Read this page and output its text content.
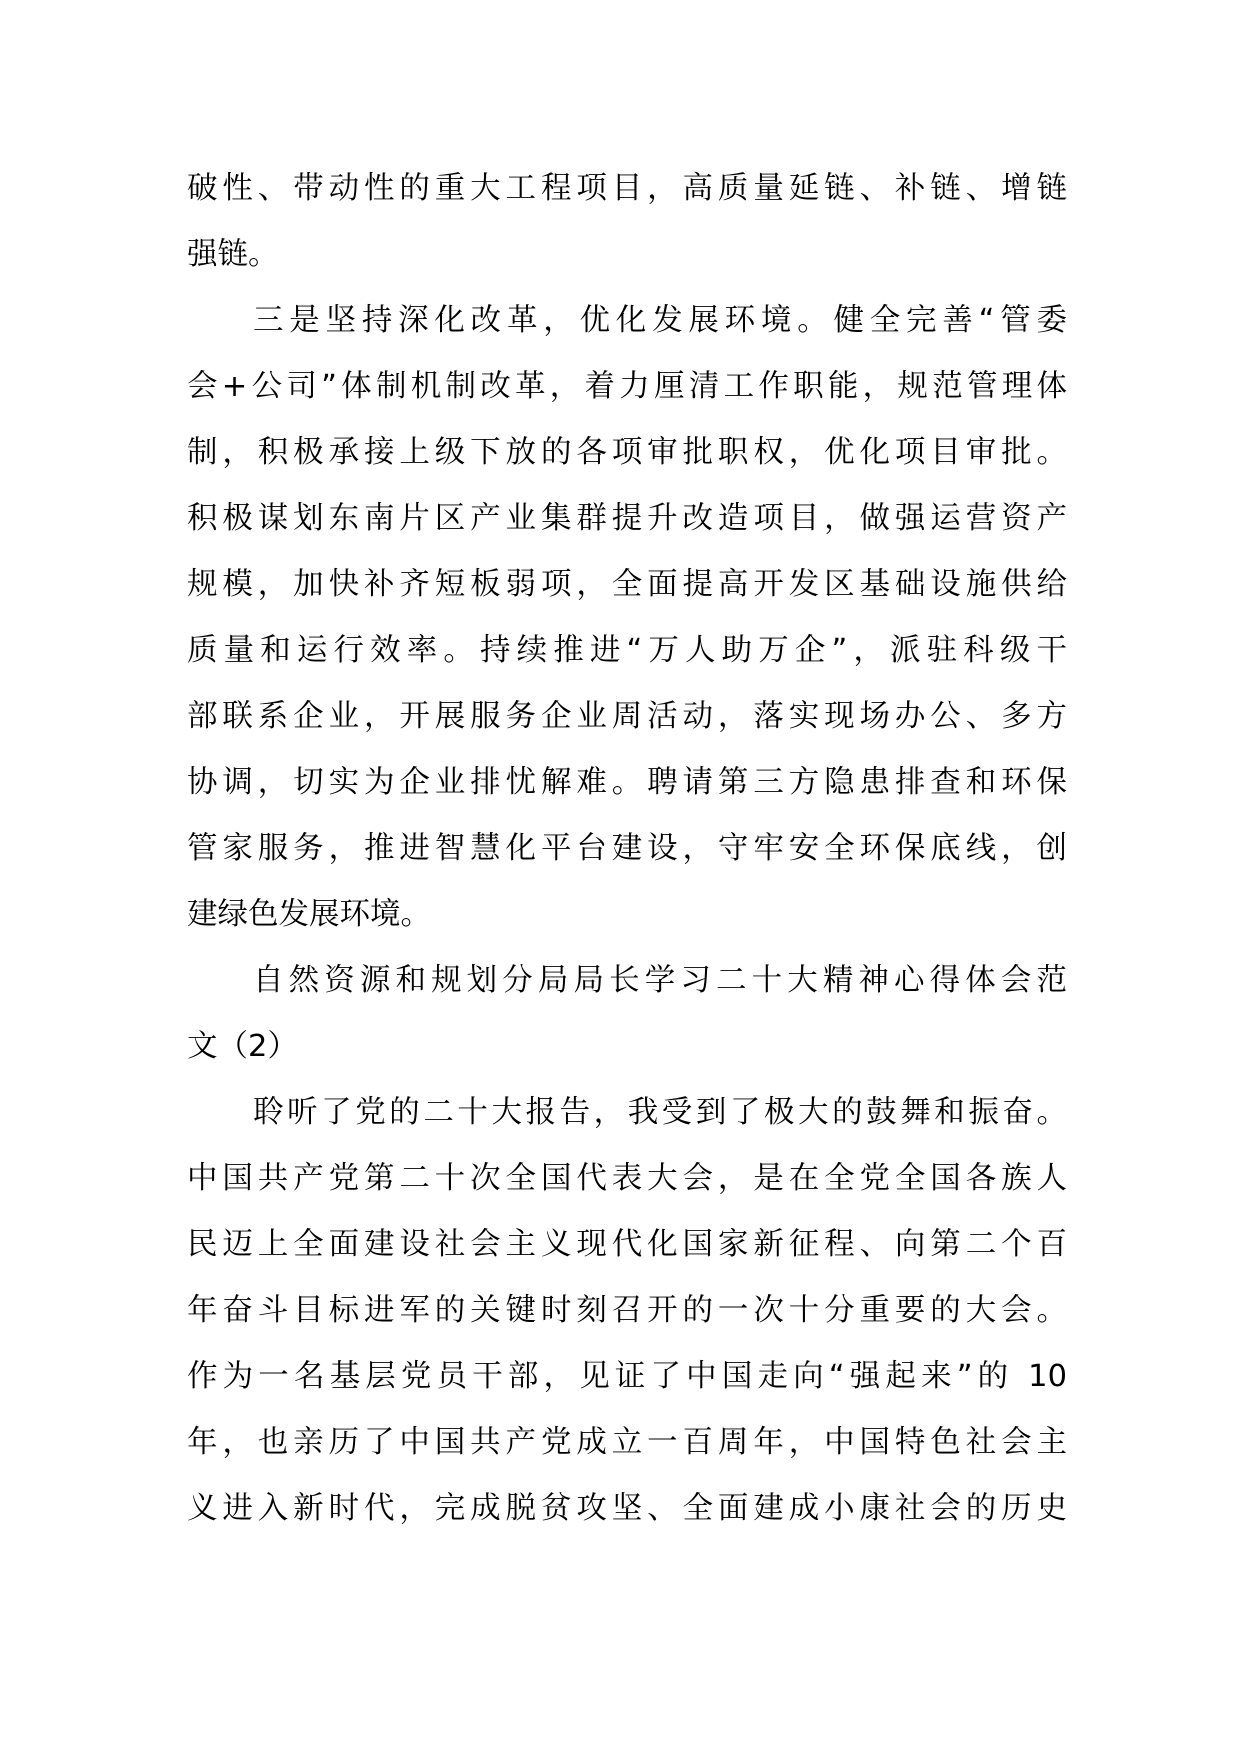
破性、带动性的重大工程项目，高质量延链、补链、增链
强链。
三是坚持深化改革，优化发展环境。健全完善“管委
会+公司”体制机制改革，着力厘清工作职能，规范管理体
制，积极承接上级下放的各项审批职权，优化项目审批。
积极谋划东南片区产业集群提升改造项目，做强运营资产
规模，加快补齐短板弱项，全面提高开发区基础设施供给
质量和运行效率。持续推进“万人助万企”，派驻科级干
部联系企业，开展服务企业周活动，落实现场办公、多方
协调，切实为企业排忧解难。聘请第三方隐患排查和环保
管家服务，推进智慧化平台建设，守牢安全环保底线，创
建绿色发展环境。
自然资源和规划分局局长学习二十大精神心得体会范
文（2）
聆听了党的二十大报告，我受到了极大的鼓舞和振奋。
中国共产党第二十次全国代表大会，是在全党全国各族人
民迈上全面建设社会主义现代化国家新征程、向第二个百
年奋斗目标进军的关键时刻召开的一次十分重要的大会。
作为一名基层党员干部，见证了中国走向“强起来”的 10
年，也亲历了中国共产党成立一百周年，中国特色社会主
义进入新时代，完成脱贫攻坚、全面建成小康社会的历史
